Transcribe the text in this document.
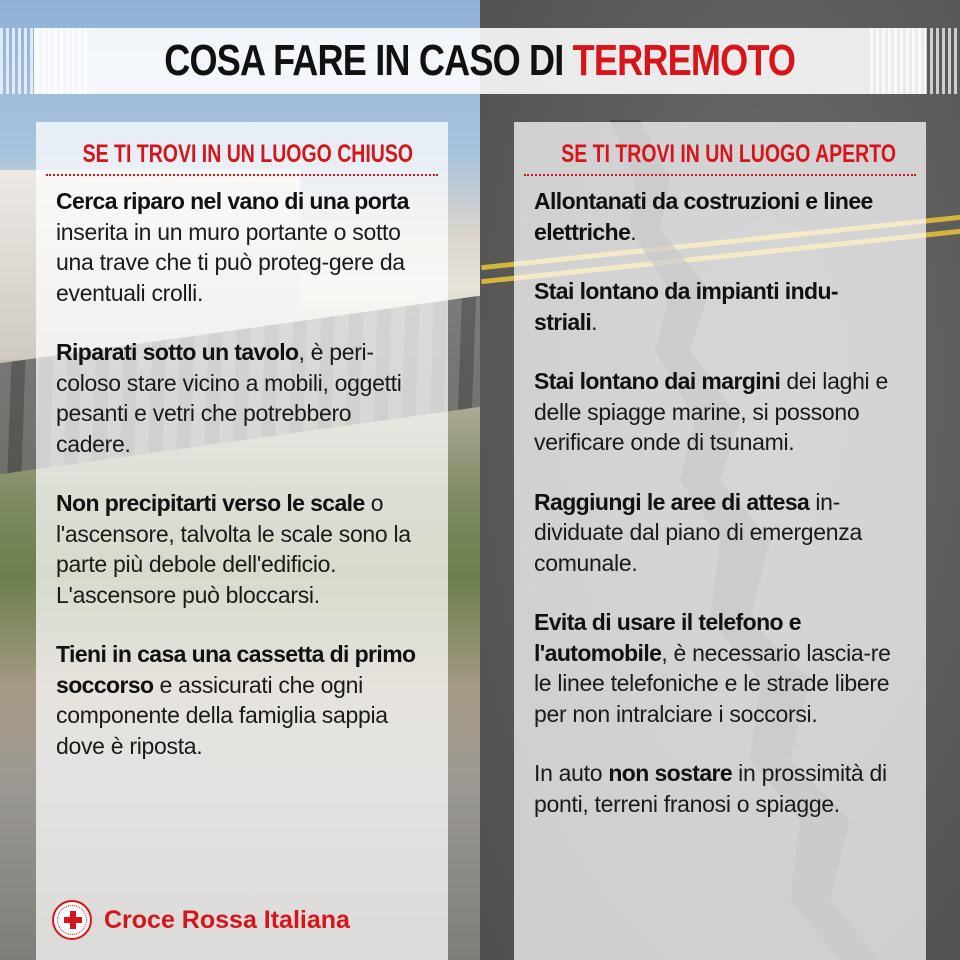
COSA FARE IN CASO DI TERREMOTO
SE TI TROVI IN UN LUOGO CHIUSO
Cerca riparo nel vano di una porta inserita in un muro portante o sotto una trave che ti può proteg-gere da eventuali crolli.
Riparati sotto un tavolo, è peri-coloso stare vicino a mobili, oggetti pesanti e vetri che potrebbero cadere.
Non precipitarti verso le scale o l'ascensore, talvolta le scale sono la parte più debole dell'edificio. L'ascensore può bloccarsi.
Tieni in casa una cassetta di primo soccorso e assicurati che ogni componente della famiglia sappia dove è riposta.
Croce Rossa Italiana
SE TI TROVI IN UN LUOGO APERTO
Allontanati da costruzioni e linee elettriche.
Stai lontano da impianti indu-striali.
Stai lontano dai margini dei laghi e delle spiagge marine, si possono verificare onde di tsunami.
Raggiungi le aree di attesa in-dividuate dal piano di emergenza comunale.
Evita di usare il telefono e l'automobile, è necessario lascia-re le linee telefoniche e le strade libere per non intralciare i soccorsi.
In auto non sostare in prossimità di ponti, terreni franosi o spiagge.
